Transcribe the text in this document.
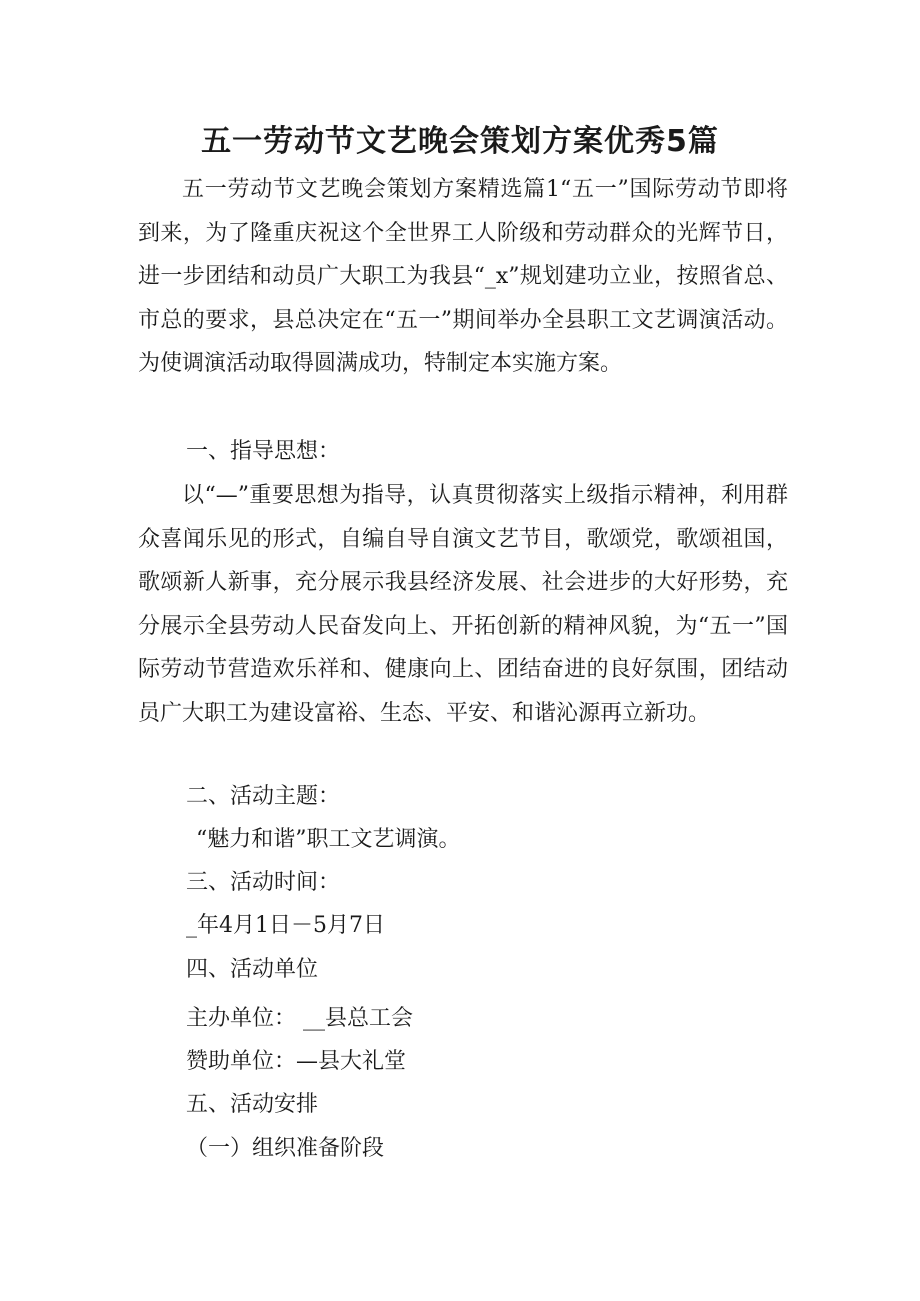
五一劳动节文艺晚会策划方案优秀5篇

五一劳动节文艺晚会策划方案精选篇1“五一”国际劳动节即将到来，为了隆重庆祝这个全世界工人阶级和劳动群众的光辉节日，进一步团结和动员广大职工为我县“_x”规划建功立业，按照省总、市总的要求，县总决定在“五一”期间举办全县职工文艺调演活动。为使调演活动取得圆满成功，特制定本实施方案。

一、指导思想：

以“—”重要思想为指导，认真贯彻落实上级指示精神，利用群众喜闻乐见的形式，自编自导自演文艺节目，歌颂党，歌颂祖国，歌颂新人新事，充分展示我县经济发展、社会进步的大好形势，充分展示全县劳动人民奋发向上、开拓创新的精神风貌，为“五一”国际劳动节营造欢乐祥和、健康向上、团结奋进的良好氛围，团结动员广大职工为建设富裕、生态、平安、和谐沁源再立新功。

二、活动主题：

“魅力和谐”职工文艺调演。

三、活动时间：

_年4月1日－5月7日

四、活动单位

主办单位： __县总工会

赞助单位：—县大礼堂

五、活动安排

（一）组织准备阶段
